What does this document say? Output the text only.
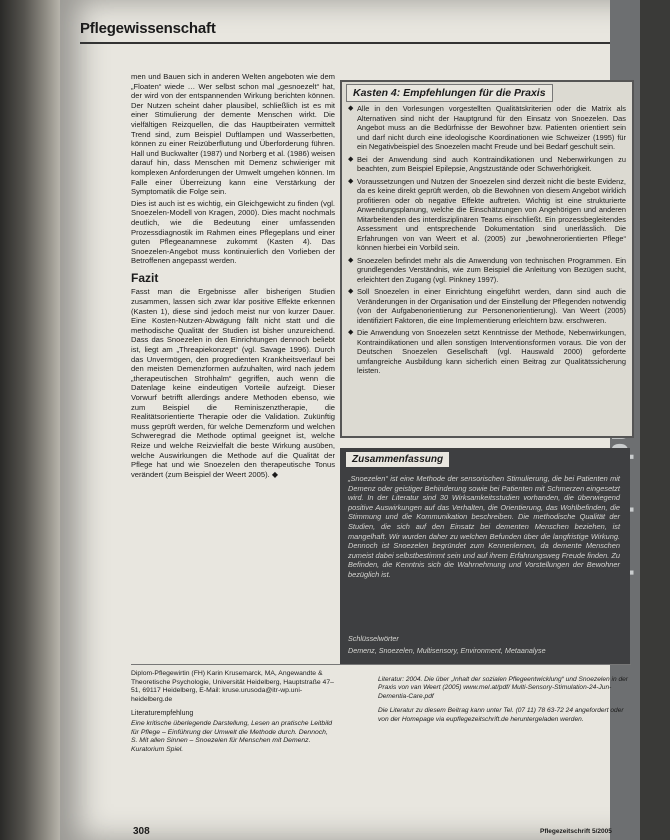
Pflegewissenschaft

men und Bauen sich in anderen Welten angeboten wie dem „Floaten“ wiede … Wer selbst schon mal „gesnoezelt“ hat, der wird von der entspannenden Wirkung berichten können. Der Nutzen scheint daher plausibel, schließlich ist es mit einer Stimulierung der demente Menschen wirkt. Die vielfältigen Reizquellen, die das Hauptbeiraten vermittelt Trend sind, zum Beispiel Duftlampen und Wasserbetten, können zu einer Reizüberflutung und Überforderung führen. Hall und Buckwalter (1987) und Norberg et al. (1986) weisen darauf hin, dass Menschen mit Demenz schwieriger mit komplexen Anforderungen der Umwelt umgehen können. Im Falle einer Überreizung kann eine Verstärkung der Symptomatik die Folge sein.

Dies ist auch ist es wichtig, ein Gleichgewicht zu finden (vgl. Snoezelen-Modell von Kragen, 2000). Dies macht nochmals deutlich, wie die Bedeutung einer umfassenden Prozessdiagnostik im Rahmen eines Pflegeplans und einer guten Pflegeanamnese zukommt (Kasten 4). Das Snoezelen-Angebot muss kontinuierlich den Vorlieben der Betroffenen angepasst werden.

Fazit

Fasst man die Ergebnisse aller bisherigen Studien zusammen, lassen sich zwar klar positive Effekte erkennen (Kasten 1), diese sind jedoch meist nur von kurzer Dauer. Eine Kosten-Nutzen-Abwägung fällt nicht statt und die methodische Qualität der Studien ist bisher unzureichend. Dass das Snoezelen in den Einrichtungen dennoch beliebt ist, liegt am „Threapiekonzept“ (vgl. Savage 1996). Durch das Unvermögen, den progredienten Krankheitsverlauf bei den meisten Demenzformen aufzuhalten, wird nach jedem „therapeutischen Strohhalm“ gegriffen, auch wenn die Datenlage keine eindeutigen Vorteile aufzeigt. Dieser Vorwurf betrifft allerdings andere Methoden ebenso, wie zum Beispiel die Reminiszenztherapie, die Realitätsorientierte Therapie oder die Validation. Zukünftig muss geprüft werden, für welche Demenzform und welchen Schweregrad die Methode optimal geeignet ist, welche Reize und welche Reizvielfalt die beste Wirkung ausüben, welche Auswirkungen die Methode auf die Qualität der Pflege hat und wie Snoezelen den therapeutische Tonus verändert (zum Beispiel der Weert 2005). ◆

Kasten 4: Empfehlungen für die Praxis
◆ Alle in den Vorlesungen vorgestellten Qualitätskriterien oder die Matrix als Alternativen sind nicht der Hauptgrund für den Einsatz von Snoezelen. Das Angebot muss an die Bedürfnisse der Bewohner bzw. Patienten orientiert sein und darf nicht durch eine ideologische Koordinationen wie Schweizer (1995) für ein Negativbeispiel des Snoezelen macht Freude und bei Bedarf geschult sein.
◆ Bei der Anwendung sind auch Kontraindikationen und Nebenwirkungen zu beachten, zum Beispiel Epilepsie, Angstzustände oder Schwerhörigkeit.
◆ Voraussetzungen und Nutzen der Snoezelen sind derzeit nicht die beste Evidenz, da es keine direkt geprüft werden, ob die Bewohnen von diesem Angebot wirklich profitieren oder ob negative Effekte auftreten. Wichtig ist eine strukturierte Anwendungsplanung, welche die Einschätzungen von Angehörigen und anderen Mitarbeitenden des interdisziplinären Teams einschließt. Ein prozessbegleitendes Assessment und entsprechende Dokumentation sind unerlässlich. Die Erfahrungen von van Weert et al. (2005) zur „bewohnerorientierten Pflege“ können hierbei ein Vorbild sein.
◆ Snoezelen befindet mehr als die Anwendung von technischen Programmen. Ein grundlegendes Verständnis, wie zum Beispiel die Anleitung von Bezügen sucht, erleichtert den Zugang (vgl. Pinkney 1997).
◆ Soll Snoezelen in einer Einrichtung eingeführt werden, dann sind auch die Veränderungen in der Organisation und der Einstellung der Pflegenden notwendig (von der Aufgabenorientierung zur Personenorientierung). Van Weert (2005) identifiziert Faktoren, die eine Implementierung erleichtern bzw. erschweren.
◆ Die Anwendung von Snoezelen setzt Kenntnisse der Methode, Nebenwirkungen, Kontraindikationen und allen sonstigen Interventionsformen voraus. Die von der Deutschen Snoezelen Gesellschaft (vgl. Hauswald 2000) geforderte umfangreiche Ausbildung kann sicherlich einen Beitrag zur Qualitätssicherung leisten.
Zusammenfassung
„Snoezelen“ ist eine Methode der sensorischen Stimulierung, die bei Patienten mit Demenz oder geistiger Behinderung sowie bei Patienten mit Schmerzen eingesetzt wird. In der Literatur sind 30 Wirksamkeitsstudien vorhanden, die überwiegend positive Auswirkungen auf das Verhalten, die Orientierung, das Wohlbefinden, die Stimmung und die Kommunikation beschreiben. Die methodische Qualität der Studien, die sich auf den Einsatz bei dementen Menschen beziehen, ist mangelhaft. Wir wurden daher zu welchen Befunden über die langfristige Wirkung. Dennoch ist Snoezelen begründet zum Kennenlernen, da demente Menschen zumeist dabei selbstbestimmt sein und auf ihrem Erfahrungsweg Freude finden. Zu Befinden, die Kenntnis sich die Wahrnehmung und Vorstellungen der Bewohner bezüglich ist.
Schlüsselwörter
Demenz, Snoezelen, Multisensory, Environment, Metaanalyse

Diplom-Pflegewirtin (FH) Karin Krusemarck, MA, Angewandte & Theoretische Psychologie, Universität Heidelberg, Hauptstraße 47–51, 69117 Heidelberg, E-Mail: kruse.urusoda@itr-wp.uni-heidelberg.de

Literaturempfehlung

Eine kritische überlegende Darstellung, Lesen an pratische Leitbild für Pflege – Einführung der Umwelt die Methode durch. Dennoch, S. Mit allen Sinnen – Snoezelen für Menschen mit Demenz. Kuratorium Spiel.

Literatur: 2004. Die über „Inhalt der sozialen Pflegeentwicklung“ und Snoezelen in der Praxis von van Weert (2005) www.mel.at/pdf/ Multi-Sensory-Stimulation-24-Jun-Dementia-Care.pdf

Die Literatur zu diesem Beitrag kann unter Tel. (07 11) 78 63-72 24 angefordert oder von der Homepage via eupflegezeitschrift.de heruntergeladen werden.

308	Pflegezeitschrift 5/2005
